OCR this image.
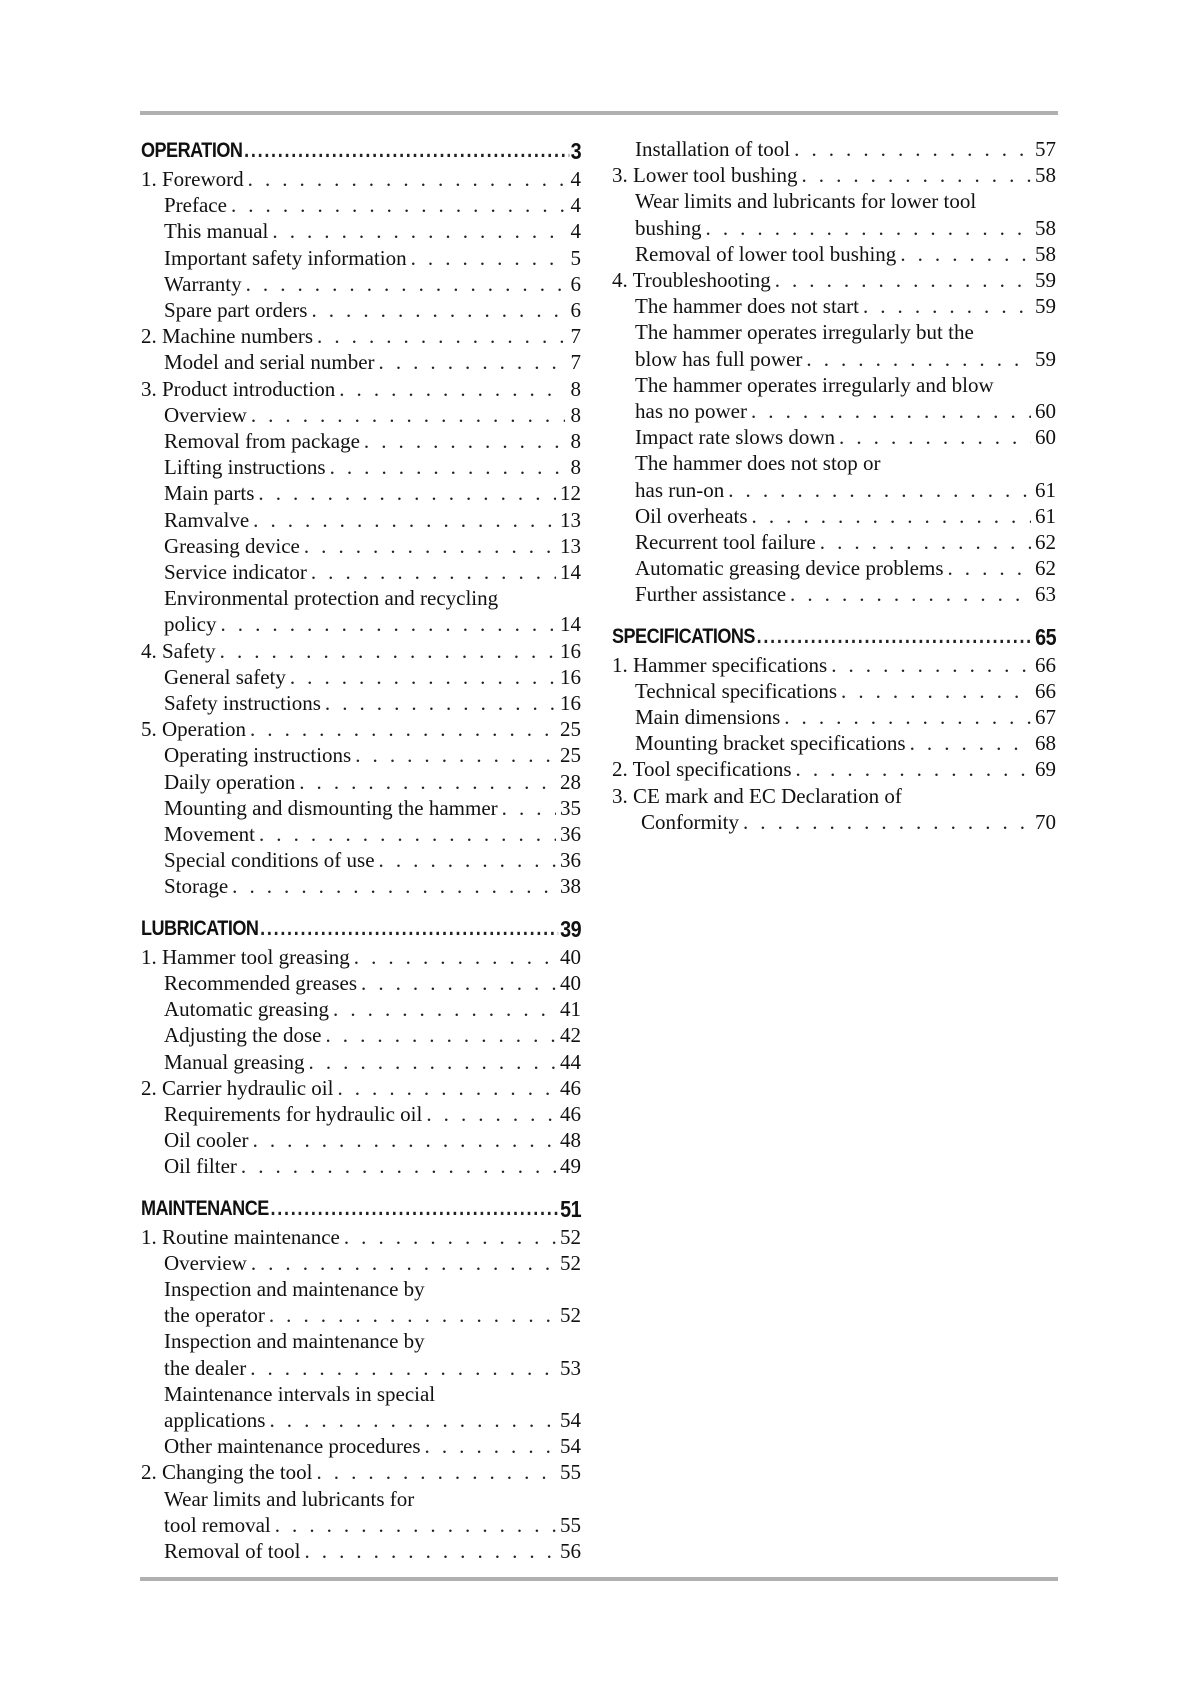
OPERATION .....	3
1. Foreword . . .	4
Preface . . .	4
This manual . . .	4
Important safety information . . .	5
Warranty . . .	6
Spare part orders . . .	6
2. Machine numbers . . .	7
Model and serial number . . .	7
3. Product introduction . . .	8
Overview . . .	8
Removal from package . . .	8
Lifting instructions . . .	8
Main parts . . .	12
Ramvalve . . .	13
Greasing device . . .	13
Service indicator . . .	14
Environmental protection and recycling
policy . . .	14
4. Safety . . .	16
General safety . . .	16
Safety instructions . . .	16
5. Operation . . .	25
Operating instructions . . .	25
Daily operation . . .	28
Mounting and dismounting the hammer . . .	35
Movement . . .	36
Special conditions of use . . .	36
Storage . . .	38
LUBRICATION .....	39
1. Hammer tool greasing . . .	40
Recommended greases . . .	40
Automatic greasing . . .	41
Adjusting the dose . . .	42
Manual greasing . . .	44
2. Carrier hydraulic oil . . .	46
Requirements for hydraulic oil . . .	46
Oil cooler . . .	48
Oil filter . . .	49
MAINTENANCE .....	51
1. Routine maintenance . . .	52
Overview . . .	52
Inspection and maintenance by
the operator . . .	52
Inspection and maintenance by
the dealer . . .	53
Maintenance intervals in special
applications . . .	54
Other maintenance procedures . . .	54
2. Changing the tool . . .	55
Wear limits and lubricants for
tool removal . . .	55
Removal of tool . . .	56
Installation of tool . . .	57
3. Lower tool bushing . . .	58
Wear limits and lubricants for lower tool
bushing . . .	58
Removal of lower tool bushing . . .	58
4. Troubleshooting . . .	59
The hammer does not start . . .	59
The hammer operates irregularly but the
blow has full power . . .	59
The hammer operates irregularly and blow
has no power . . .	60
Impact rate slows down . . .	60
The hammer does not stop or
has run-on . . .	61
Oil overheats . . .	61
Recurrent tool failure . . .	62
Automatic greasing device problems . . .	62
Further assistance . . .	63
SPECIFICATIONS .....	65
1. Hammer specifications . . .	66
Technical specifications . . .	66
Main dimensions . . .	67
Mounting bracket specifications . . .	68
2. Tool specifications . . .	69
3. CE mark and EC Declaration of
Conformity . . .	70
